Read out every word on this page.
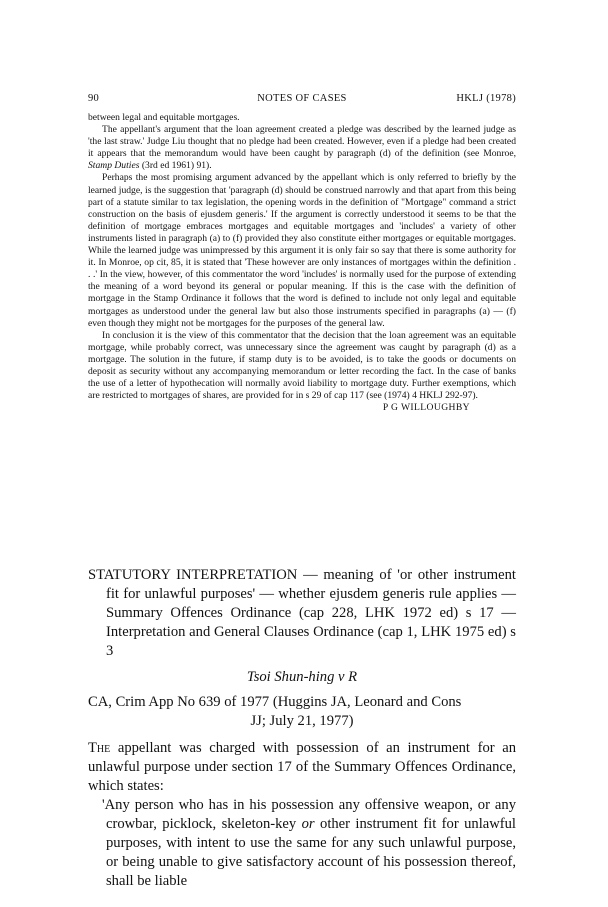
90	NOTES OF CASES	HKLJ (1978)

between legal and equitable mortgages.

The appellant's argument that the loan agreement created a pledge was described by the learned judge as 'the last straw.' Judge Liu thought that no pledge had been created. However, even if a pledge had been created it appears that the memorandum would have been caught by paragraph (d) of the definition (see Monroe, Stamp Duties (3rd ed 1961) 91).

Perhaps the most promising argument advanced by the appellant which is only referred to briefly by the learned judge, is the suggestion that 'paragraph (d) should be construed narrowly and that apart from this being part of a statute similar to tax legislation, the opening words in the definition of "Mortgage" command a strict construction on the basis of ejusdem generis.' If the argument is correctly understood it seems to be that the definition of mortgage embraces mortgages and equitable mortgages and 'includes' a variety of other instruments listed in paragraph (a) to (f) provided they also constitute either mortgages or equitable mortgages. While the learned judge was unimpressed by this argument it is only fair so say that there is some authority for it. In Monroe, op cit, 85, it is stated that 'These however are only instances of mortgages within the definition . . .' In the view, however, of this commentator the word 'includes' is normally used for the purpose of extending the meaning of a word beyond its general or popular meaning. If this is the case with the definition of mortgage in the Stamp Ordinance it follows that the word is defined to include not only legal and equitable mortgages as understood under the general law but also those instruments specified in paragraphs (a) — (f) even though they might not be mortgages for the purposes of the general law.

In conclusion it is the view of this commentator that the decision that the loan agreement was an equitable mortgage, while probably correct, was unnecessary since the agreement was caught by paragraph (d) as a mortgage. The solution in the future, if stamp duty is to be avoided, is to take the goods or documents on deposit as security without any accompanying memorandum or letter recording the fact. In the case of banks the use of a letter of hypothecation will normally avoid liability to mortgage duty. Further exemptions, which are restricted to mortgages of shares, are provided for in s 29 of cap 117 (see (1974) 4 HKLJ 292-97).

P G WILLOUGHBY

STATUTORY INTERPRETATION — meaning of 'or other instrument fit for unlawful purposes' — whether ejusdem generis rule applies — Summary Offences Ordinance (cap 228, LHK 1972 ed) s 17 — Interpretation and General Clauses Ordinance (cap 1, LHK 1975 ed) s 3

Tsoi Shun-hing v R

CA, Crim App No 639 of 1977 (Huggins JA, Leonard and Cons
JJ; July 21, 1977)

The appellant was charged with possession of an instrument for an unlawful purpose under section 17 of the Summary Offences Ordinance, which states:

'Any person who has in his possession any offensive weapon, or any crowbar, picklock, skeleton-key or other instrument fit for unlawful purposes, with intent to use the same for any such unlawful purpose, or being unable to give satisfactory account of his possession thereof, shall be liable
